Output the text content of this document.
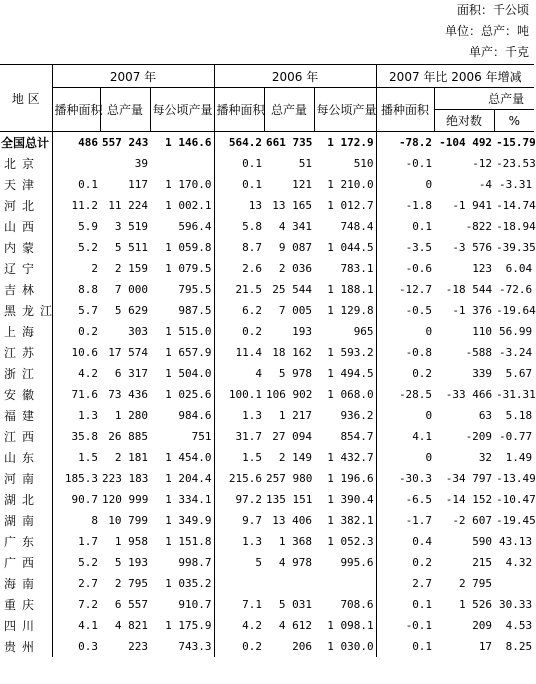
面积：千公顷
单位：总产：吨
单产：千克
地 区	2007 年			2006 年			2007 年比 2006 年增减		
	播种面积	总产量	每公顷产量	播种面积	总产量	每公顷产量	播种面积	总产量	
								绝对数	%
全国总计	486	557 243	1 146.6	564.2	661 735	1 172.9	-78.2	-104 492	-15.79
北京		39		0.1	51	510	-0.1	-12	-23.53
天津	0.1	117	1 170.0	0.1	121	1 210.0	0	-4	-3.31
河北	11.2	11 224	1 002.1	13	13 165	1 012.7	-1.8	-1 941	-14.74
山西	5.9	3 519	596.4	5.8	4 341	748.4	0.1	-822	-18.94
内蒙	5.2	5 511	1 059.8	8.7	9 087	1 044.5	-3.5	-3 576	-39.35
辽宁	2	2 159	1 079.5	2.6	2 036	783.1	-0.6	123	6.04
吉林	8.8	7 000	795.5	21.5	25 544	1 188.1	-12.7	-18 544	-72.6
黑龙江	5.7	5 629	987.5	6.2	7 005	1 129.8	-0.5	-1 376	-19.64
上海	0.2	303	1 515.0	0.2	193	965	0	110	56.99
江苏	10.6	17 574	1 657.9	11.4	18 162	1 593.2	-0.8	-588	-3.24
浙江	4.2	6 317	1 504.0	4	5 978	1 494.5	0.2	339	5.67
安徽	71.6	73 436	1 025.6	100.1	106 902	1 068.0	-28.5	-33 466	-31.31
福建	1.3	1 280	984.6	1.3	1 217	936.2	0	63	5.18
江西	35.8	26 885	751	31.7	27 094	854.7	4.1	-209	-0.77
山东	1.5	2 181	1 454.0	1.5	2 149	1 432.7	0	32	1.49
河南	185.3	223 183	1 204.4	215.6	257 980	1 196.6	-30.3	-34 797	-13.49
湖北	90.7	120 999	1 334.1	97.2	135 151	1 390.4	-6.5	-14 152	-10.47
湖南	8	10 799	1 349.9	9.7	13 406	1 382.1	-1.7	-2 607	-19.45
广东	1.7	1 958	1 151.8	1.3	1 368	1 052.3	0.4	590	43.13
广西	5.2	5 193	998.7	5	4 978	995.6	0.2	215	4.32
海南	2.7	2 795	1 035.2				2.7	2 795	
重庆	7.2	6 557	910.7	7.1	5 031	708.6	0.1	1 526	30.33
四川	4.1	4 821	1 175.9	4.2	4 612	1 098.1	-0.1	209	4.53
贵州	0.3	223	743.3	0.2	206	1 030.0	0.1	17	8.25
